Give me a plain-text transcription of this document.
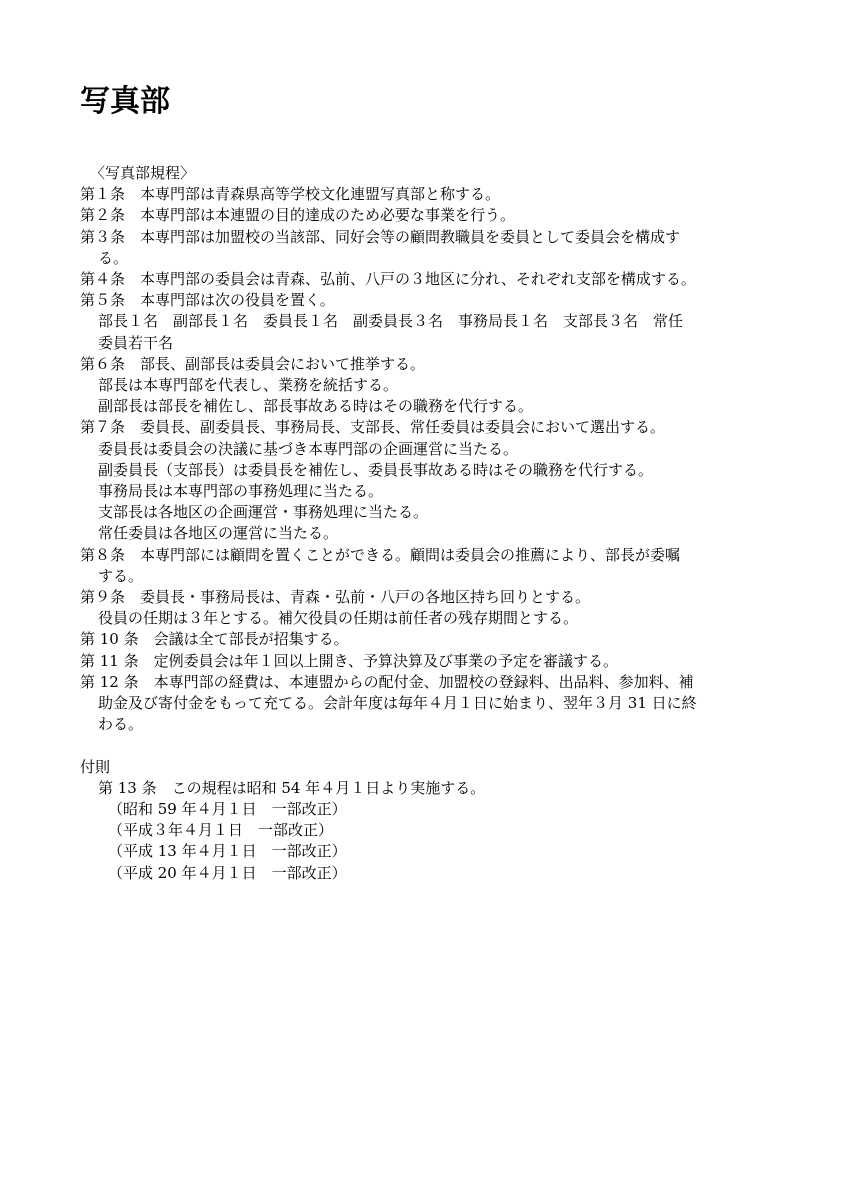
写真部
〈写真部規程〉
第１条　本専門部は青森県高等学校文化連盟写真部と称する。
第２条　本専門部は本連盟の目的達成のため必要な事業を行う。
第３条　本専門部は加盟校の当該部、同好会等の顧問教職員を委員として委員会を構成す
る。
第４条　本専門部の委員会は青森、弘前、八戸の３地区に分れ、それぞれ支部を構成する。
第５条　本専門部は次の役員を置く。
部長１名　副部長１名　委員長１名　副委員長３名　事務局長１名　支部長３名　常任
委員若干名
第６条　部長、副部長は委員会において推挙する。
部長は本専門部を代表し、業務を統括する。
副部長は部長を補佐し、部長事故ある時はその職務を代行する。
第７条　委員長、副委員長、事務局長、支部長、常任委員は委員会において選出する。
委員長は委員会の決議に基づき本専門部の企画運営に当たる。
副委員長（支部長）は委員長を補佐し、委員長事故ある時はその職務を代行する。
事務局長は本専門部の事務処理に当たる。
支部長は各地区の企画運営・事務処理に当たる。
常任委員は各地区の運営に当たる。
第８条　本専門部には顧問を置くことができる。顧問は委員会の推薦により、部長が委嘱
する。
第９条　委員長・事務局長は、青森・弘前・八戸の各地区持ち回りとする。
役員の任期は３年とする。補欠役員の任期は前任者の残存期間とする。
第 10 条　会議は全て部長が招集する。
第 11 条　定例委員会は年１回以上開き、予算決算及び事業の予定を審議する。
第 12 条　本専門部の経費は、本連盟からの配付金、加盟校の登録料、出品料、参加料、補
助金及び寄付金をもって充てる。会計年度は毎年４月１日に始まり、翌年３月 31 日に終
わる。
付則
第 13 条　この規程は昭和 54 年４月１日より実施する。
（昭和 59 年４月１日　一部改正）
（平成３年４月１日　一部改正）
（平成 13 年４月１日　一部改正）
（平成 20 年４月１日　一部改正）
